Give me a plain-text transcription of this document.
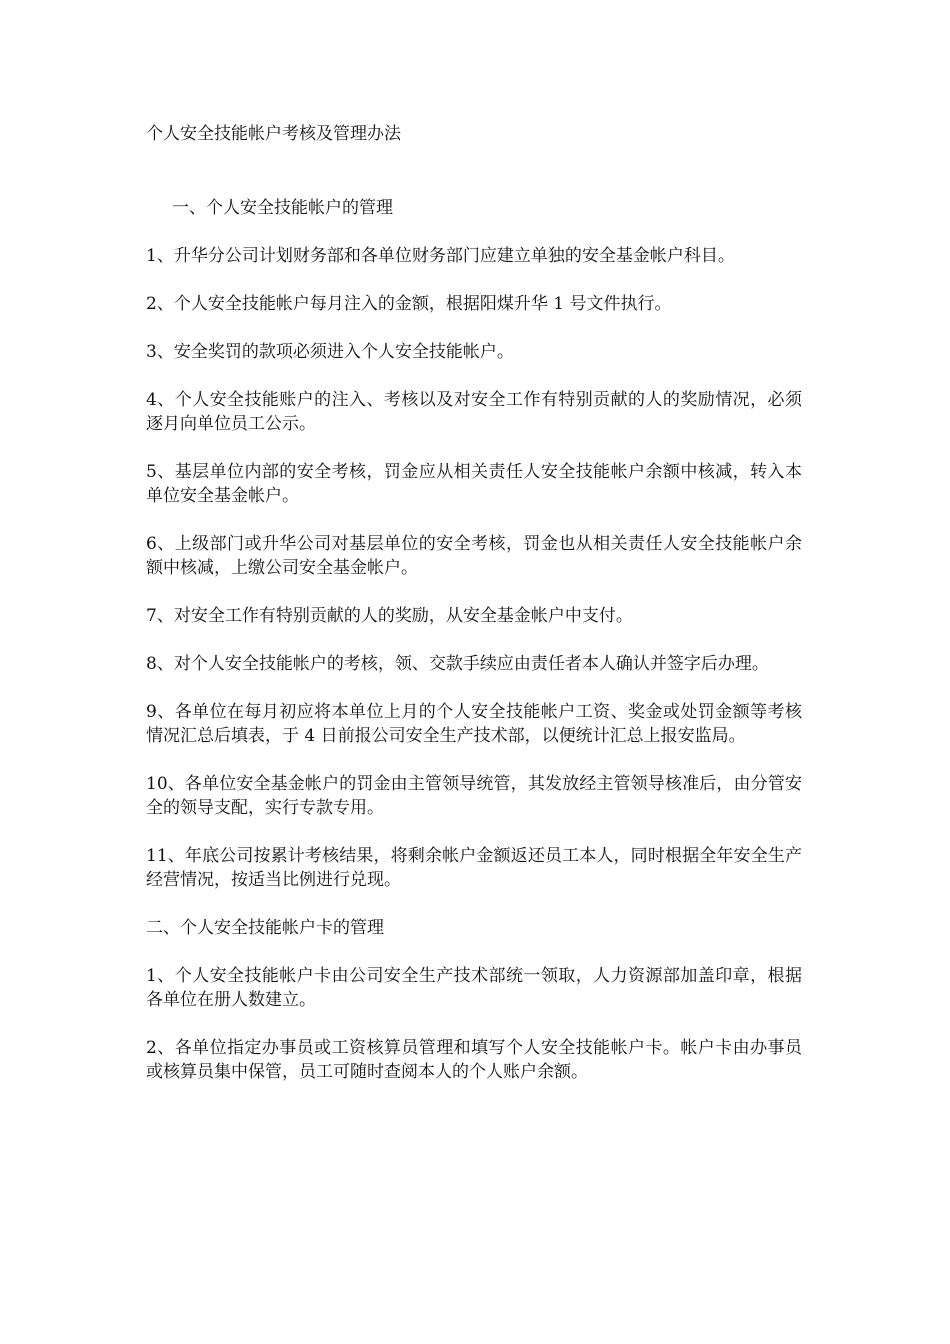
个人安全技能帐户考核及管理办法
一、个人安全技能帐户的管理

1、升华分公司计划财务部和各单位财务部门应建立单独的安全基金帐户科目。

2、个人安全技能帐户每月注入的金额，根据阳煤升华 1 号文件执行。

3、安全奖罚的款项必须进入个人安全技能帐户。

4、个人安全技能账户的注入、考核以及对安全工作有特别贡献的人的奖励情况，必须逐月向单位员工公示。

5、基层单位内部的安全考核，罚金应从相关责任人安全技能帐户余额中核减，转入本单位安全基金帐户。

6、上级部门或升华公司对基层单位的安全考核，罚金也从相关责任人安全技能帐户余额中核减，上缴公司安全基金帐户。

7、对安全工作有特别贡献的人的奖励，从安全基金帐户中支付。

8、对个人安全技能帐户的考核，领、交款手续应由责任者本人确认并签字后办理。

9、各单位在每月初应将本单位上月的个人安全技能帐户工资、奖金或处罚金额等考核情况汇总后填表，于 4 日前报公司安全生产技术部，以便统计汇总上报安监局。

10、各单位安全基金帐户的罚金由主管领导统管，其发放经主管领导核准后，由分管安全的领导支配，实行专款专用。

11、年底公司按累计考核结果，将剩余帐户金额返还员工本人，同时根据全年安全生产经营情况，按适当比例进行兑现。

二、个人安全技能帐户卡的管理

1、个人安全技能帐户卡由公司安全生产技术部统一领取，人力资源部加盖印章，根据各单位在册人数建立。

2、各单位指定办事员或工资核算员管理和填写个人安全技能帐户卡。帐户卡由办事员或核算员集中保管，员工可随时查阅本人的个人账户余额。
